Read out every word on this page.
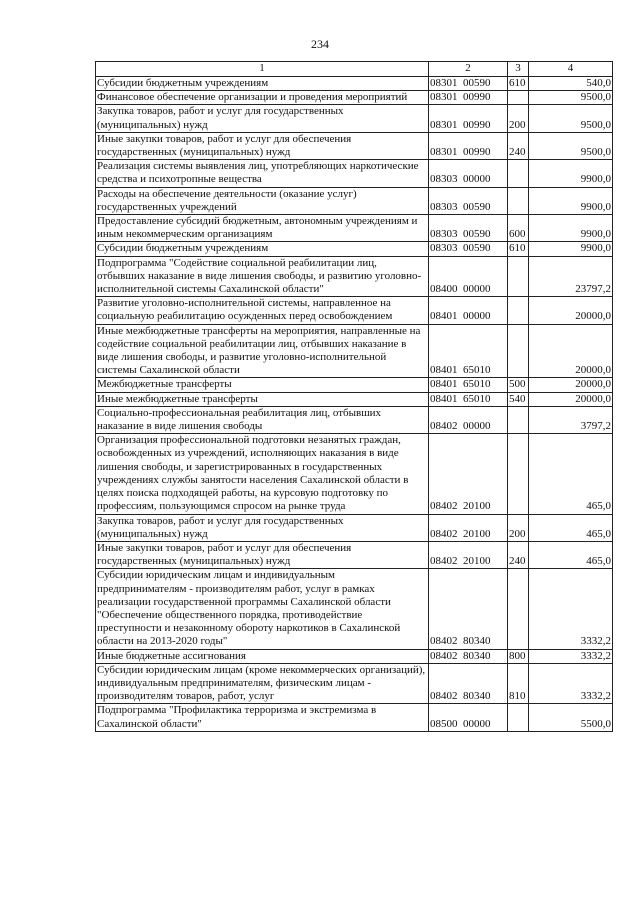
234
1	2	3	4
Субсидии бюджетным учреждениям	08301  00590	610	540,0
Финансовое обеспечение организации и проведения мероприятий	08301  00990		9500,0
Закупка товаров, работ и услуг для государственных (муниципальных) нужд	08301  00990	200	9500,0
Иные закупки товаров, работ и услуг для обеспечения государственных (муниципальных) нужд	08301  00990	240	9500,0
Реализация системы выявления лиц, употребляющих наркотические средства и психотропные вещества	08303  00000		9900,0
Расходы на обеспечение деятельности (оказание услуг) государственных учреждений	08303  00590		9900,0
Предоставление субсидий бюджетным, автономным учреждениям и иным некоммерческим организациям	08303  00590	600	9900,0
Субсидии бюджетным учреждениям	08303  00590	610	9900,0
Подпрограмма "Содействие социальной реабилитации лиц, отбывших наказание в виде лишения свободы, и развитию уголовно-исполнительной системы Сахалинской области"	08400  00000		23797,2
Развитие уголовно-исполнительной системы, направленное на социальную реабилитацию осужденных перед освобождением	08401  00000		20000,0
Иные межбюджетные трансферты на мероприятия, направленные на содействие социальной реабилитации лиц, отбывших наказание в виде лишения свободы, и развитие уголовно-исполнительной системы Сахалинской области	08401  65010		20000,0
Межбюджетные трансферты	08401  65010	500	20000,0
Иные межбюджетные трансферты	08401  65010	540	20000,0
Социально-профессиональная реабилитация лиц, отбывших наказание в виде лишения свободы	08402  00000		3797,2
Организация профессиональной подготовки незанятых граждан, освобожденных из учреждений, исполняющих наказания в виде лишения свободы, и зарегистрированных в государственных учреждениях службы занятости населения Сахалинской области в целях поиска подходящей работы, на курсовую подготовку по профессиям, пользующимся спросом на рынке труда	08402  20100		465,0
Закупка товаров, работ и услуг для государственных (муниципальных) нужд	08402  20100	200	465,0
Иные закупки товаров, работ и услуг для обеспечения государственных (муниципальных) нужд	08402  20100	240	465,0
Субсидии юридическим лицам и индивидуальным предпринимателям - производителям работ, услуг в рамках реализации государственной программы Сахалинской области "Обеспечение общественного порядка, противодействие преступности и незаконному обороту наркотиков в Сахалинской области на 2013-2020 годы"	08402  80340		3332,2
Иные бюджетные ассигнования	08402  80340	800	3332,2
Субсидии юридическим лицам (кроме некоммерческих организаций), индивидуальным предпринимателям, физическим лицам - производителям товаров, работ, услуг	08402  80340	810	3332,2
Подпрограмма "Профилактика терроризма и экстремизма в Сахалинской области"	08500  00000		5500,0
